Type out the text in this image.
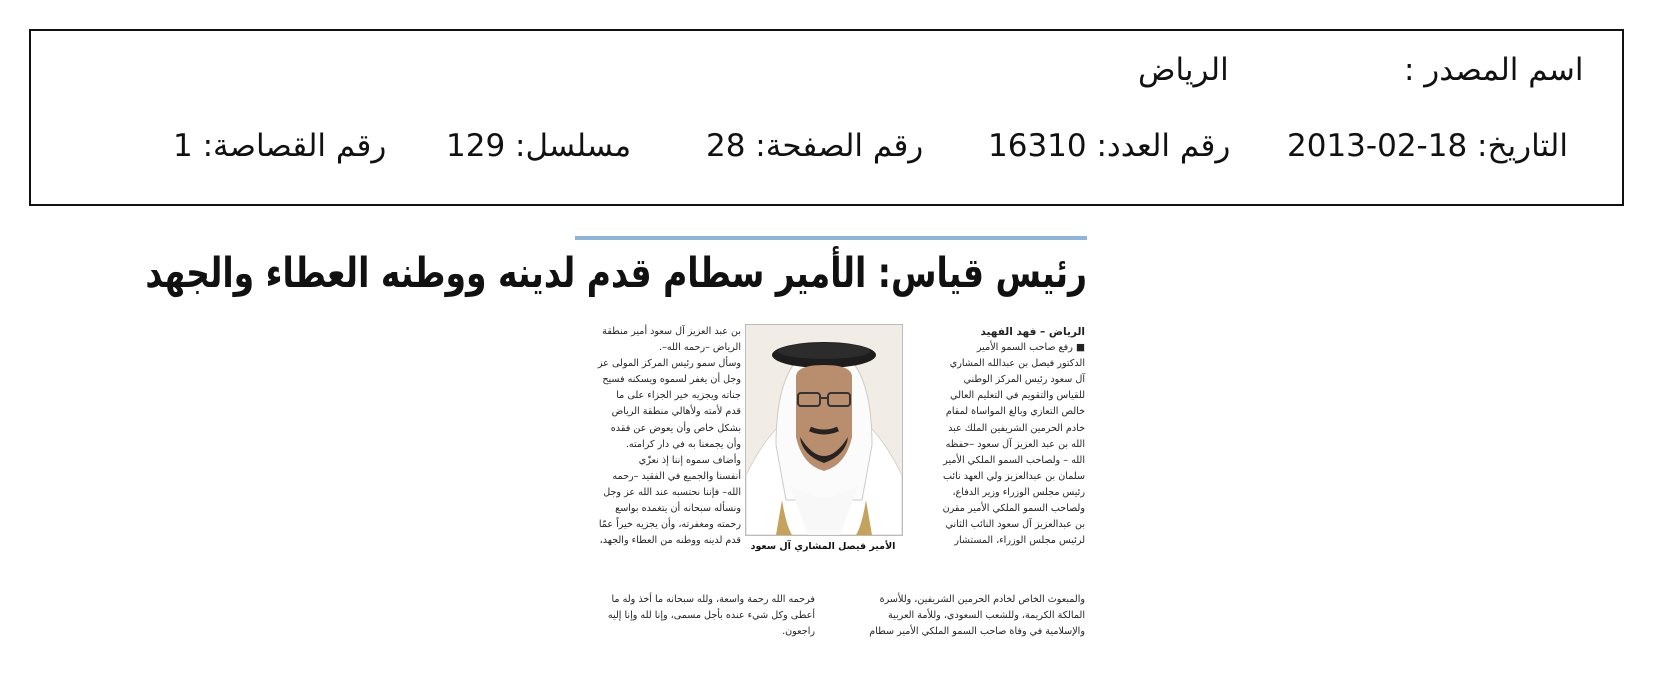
اسم المصدر :
الرياض
التاريخ: 18-02-2013
رقم العدد: 16310
رقم الصفحة: 28
مسلسل: 129
رقم القصاصة: 1
رئيس قياس: الأمير سطام قدم لدينه ووطنه العطاء والجهد

الرياض – فهد الفهيد

■ رفع صاحب السمو الأمير

الدكتور فيصل بن عبدالله المشاري

آل سعود رئيس المركز الوطني

للقياس والتقويم في التعليم العالي

خالص التعازي وبالغ المواساة لمقام

خادم الحرمين الشريفين الملك عبد

الله بن عبد العزيز آل سعود –حفظه

الله – ولصاحب السمو الملكي الأمير

سلمان بن عبدالعزيز ولي العهد نائب

رئيس مجلس الوزراء وزير الدفاع،

ولصاحب السمو الملكي الأمير مقرن

بن عبدالعزيز آل سعود النائب الثاني

لرئيس مجلس الوزراء، المستشار

الأمير فيصل المشاري آل سعود

بن عبد العزيز آل سعود أمير منطقة

الرياض –رحمه الله–.

وسأل سمو رئيس المركز المولى عز

وجل أن يغفر لسموه ويسكنه فسيح

جناته ويجزيه خير الجزاء على ما

قدم لأمته ولأهالي منطقة الرياض

بشكل خاص وأن يعوض عن فقده

وأن يجمعنا به في دار كرامته.

وأضاف سموه إننا إذ نعزّي

أنفسنا والجميع في الفقيد –رحمه

الله– فإننا نحتسبه عند الله عز وجل

ونسأله سبحانه أن يتغمده بواسع

رحمته ومغفرته، وأن يجزيه خيراً عمّا

قدم لدينه ووطنه من العطاء والجهد،

والمبعوث الخاص لخادم الحرمين الشريفين، وللأسرة

المالكة الكريمة، وللشعب السعودي، وللأمة العربية

والإسلامية في وفاة صاحب السمو الملكي الأمير سطام

فرحمه الله رحمة واسعة، ولله سبحانه ما أخذ وله ما

أعطى وكل شيء عنده بأجل مسمى، وإنا لله وإنا إليه

راجعون.
